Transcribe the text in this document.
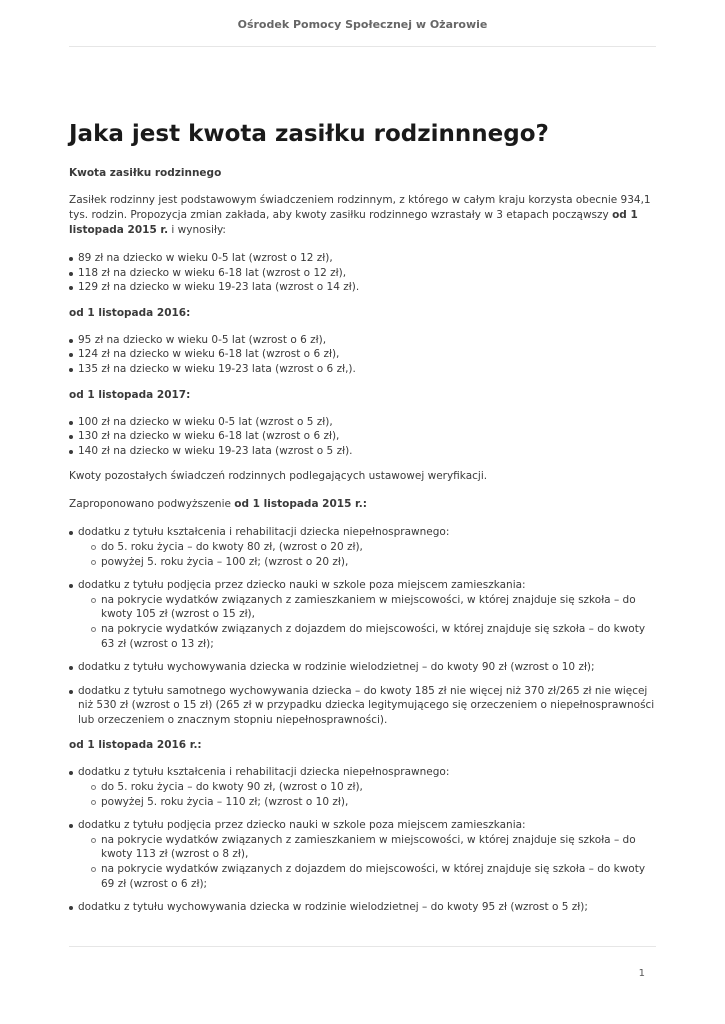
Ośrodek Pomocy Społecznej w Ożarowie
Jaka jest kwota zasiłku rodzinnnego?

Kwota zasiłku rodzinnego

Zasiłek rodzinny jest podstawowym świadczeniem rodzinnym, z którego w całym kraju korzysta obecnie 934,1 tys. rodzin. Propozycja zmian zakłada, aby kwoty zasiłku rodzinnego wzrastały w 3 etapach począwszy od 1 listopada 2015 r. i wynosiły:

89 zł na dziecko w wieku 0-5 lat (wzrost o 12 zł),
118 zł na dziecko w wieku 6-18 lat (wzrost o 12 zł),
129 zł na dziecko w wieku 19-23 lata (wzrost o 14 zł).

od 1 listopada 2016:

95 zł na dziecko w wieku 0-5 lat (wzrost o 6 zł),
124 zł na dziecko w wieku 6-18 lat (wzrost o 6 zł),
135 zł na dziecko w wieku 19-23 lata (wzrost o 6 zł,).

od 1 listopada 2017:

100 zł na dziecko w wieku 0-5 lat (wzrost o 5 zł),
130 zł na dziecko w wieku 6-18 lat (wzrost o 6 zł),
140 zł na dziecko w wieku 19-23 lata (wzrost o 5 zł).

Kwoty pozostałych świadczeń rodzinnych podlegających ustawowej weryfikacji.

Zaproponowano podwyższenie od 1 listopada 2015 r.:

dodatku z tytułu kształcenia i rehabilitacji dziecka niepełnosprawnego:
do 5. roku życia – do kwoty 80 zł, (wzrost o 20 zł),
powyżej 5. roku życia – 100 zł; (wzrost o 20 zł),
dodatku z tytułu podjęcia przez dziecko nauki w szkole poza miejscem zamieszkania:
na pokrycie wydatków związanych z zamieszkaniem w miejscowości, w której znajduje się szkoła – do kwoty 105 zł (wzrost o 15 zł),
na pokrycie wydatków związanych z dojazdem do miejscowości, w której znajduje się szkoła – do kwoty 63 zł (wzrost o 13 zł);
dodatku z tytułu wychowywania dziecka w rodzinie wielodzietnej – do kwoty 90 zł (wzrost o 10 zł);
dodatku z tytułu samotnego wychowywania dziecka – do kwoty 185 zł nie więcej niż 370 zł/265 zł nie więcej niż 530 zł (wzrost o 15 zł) (265 zł w przypadku dziecka legitymującego się orzeczeniem o niepełnosprawności lub orzeczeniem o znacznym stopniu niepełnosprawności).

od 1 listopada 2016 r.:

dodatku z tytułu kształcenia i rehabilitacji dziecka niepełnosprawnego:
do 5. roku życia – do kwoty 90 zł, (wzrost o 10 zł),
powyżej 5. roku życia – 110 zł; (wzrost o 10 zł),
dodatku z tytułu podjęcia przez dziecko nauki w szkole poza miejscem zamieszkania:
na pokrycie wydatków związanych z zamieszkaniem w miejscowości, w której znajduje się szkoła – do kwoty 113 zł (wzrost o 8 zł),
na pokrycie wydatków związanych z dojazdem do miejscowości, w której znajduje się szkoła – do kwoty 69 zł (wzrost o 6 zł);
dodatku z tytułu wychowywania dziecka w rodzinie wielodzietnej – do kwoty 95 zł (wzrost o 5 zł);
1
